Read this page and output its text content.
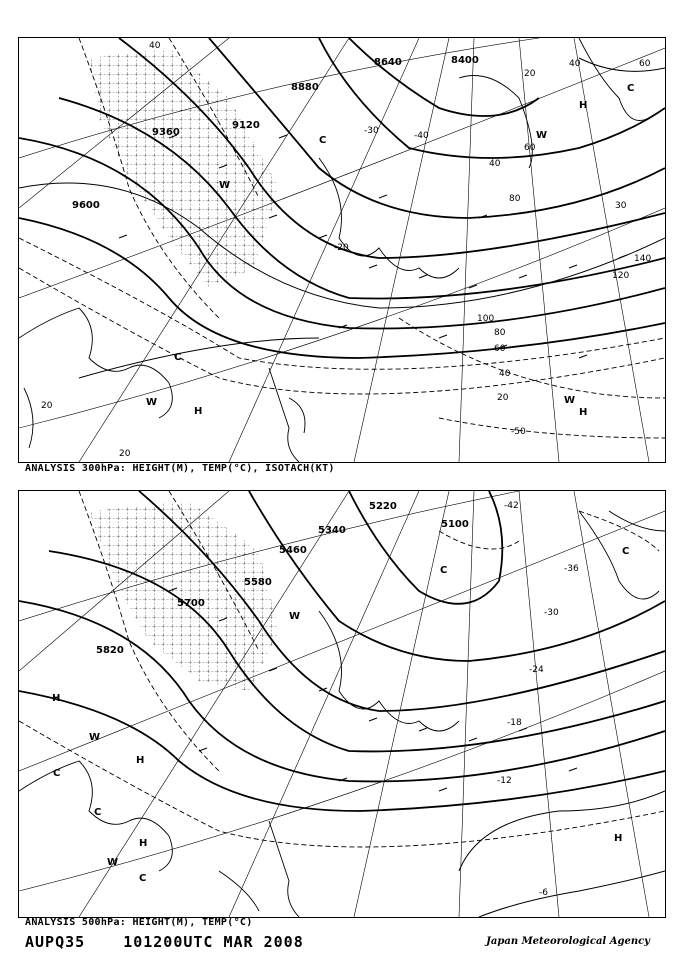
8640	8400
8880
9120
9360
9600
40
60
80
100
120
140
80
60
40
20
40
20
30
40	60
20
20
-20
-40
-30
-50
W
H
W
H
C
C
W
H
C
W
ANALYSIS 300hPa: HEIGHT(M), TEMP(°C), ISOTACH(KT)
5220
5100
5340
5460
5580
5700
5820
-42
-36
-30
-24
-18
-12
-6
C
C
W
H
W
H
C
H
C
W
C
H
ANALYSIS 500hPa: HEIGHT(M), TEMP(°C)
AUPQ35	101200UTC MAR 2008	Japan Meteorological Agency
